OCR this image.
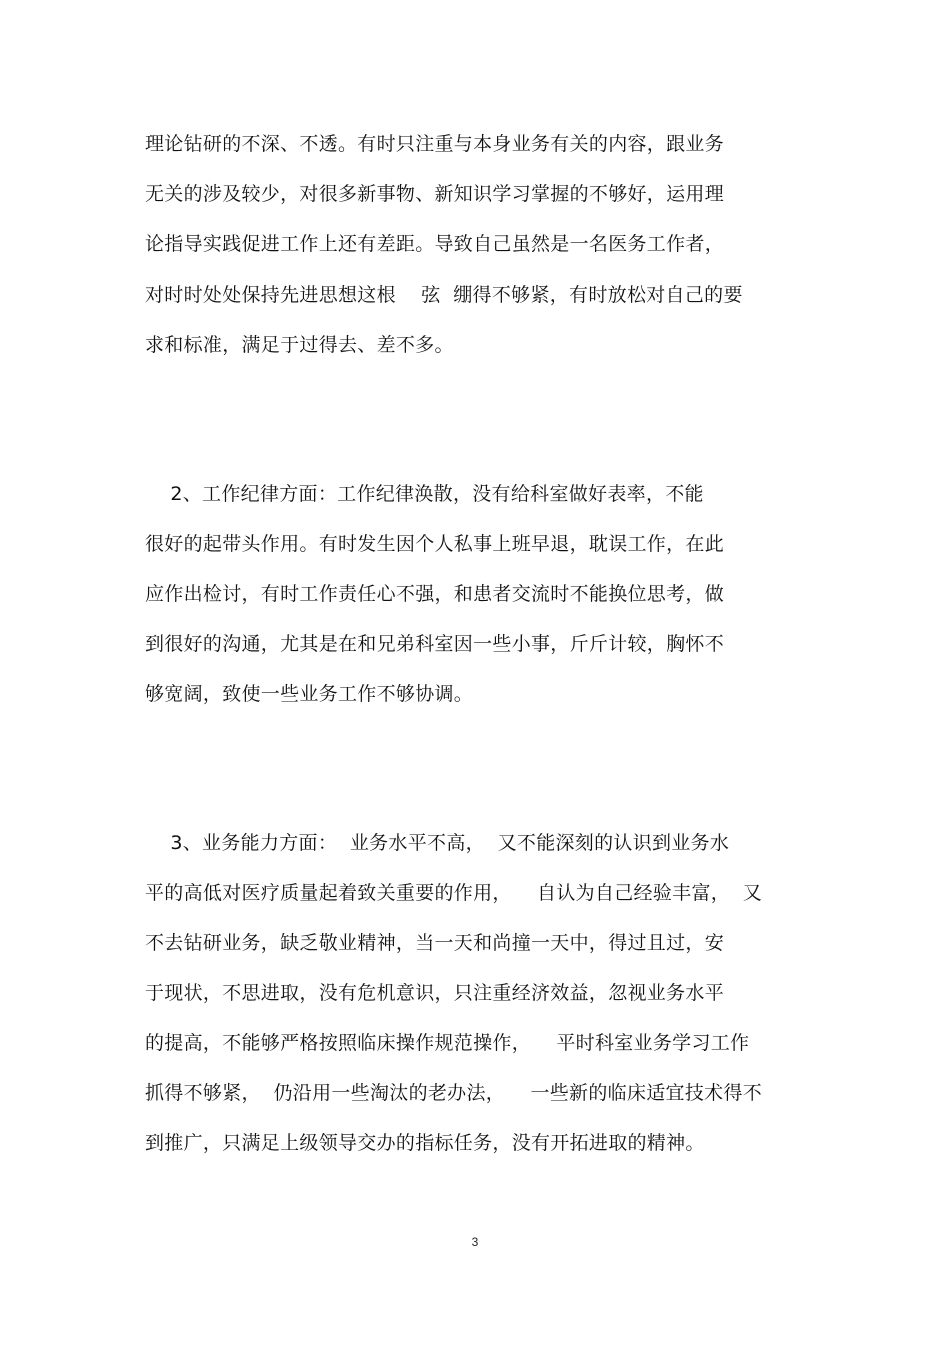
理论钻研的不深、不透。有时只注重与本身业务有关的内容，跟业务
无关的涉及较少，对很多新事物、新知识学习掌握的不够好，运用理
论指导实践促进工作上还有差距。导致自己虽然是一名医务工作者，
对时时处处保持先进思想这根    弦  绷得不够紧，有时放松对自己的要
求和标准，满足于过得去、差不多。
2、工作纪律方面：工作纪律涣散，没有给科室做好表率，不能
很好的起带头作用。有时发生因个人私事上班早退，耽误工作，在此
应作出检讨，有时工作责任心不强，和患者交流时不能换位思考，做
到很好的沟通，尤其是在和兄弟科室因一些小事，斤斤计较，胸怀不
够宽阔，致使一些业务工作不够协调。
3、业务能力方面：  业务水平不高，  又不能深刻的认识到业务水
平的高低对医疗质量起着致关重要的作用，    自认为自己经验丰富，  又
不去钻研业务，缺乏敬业精神，当一天和尚撞一天中，得过且过，安
于现状，不思进取，没有危机意识，只注重经济效益，忽视业务水平
的提高，不能够严格按照临床操作规范操作，    平时科室业务学习工作
抓得不够紧，  仍沿用一些淘汰的老办法，    一些新的临床适宜技术得不
到推广，只满足上级领导交办的指标任务，没有开拓进取的精神。
3
